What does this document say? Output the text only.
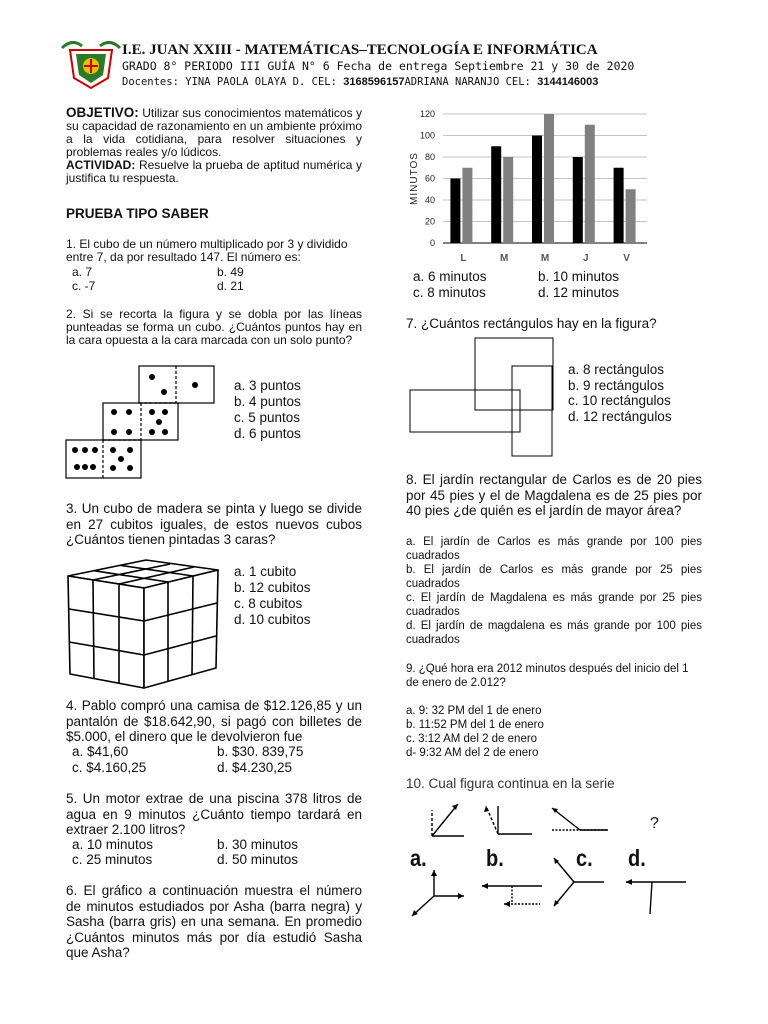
I.E. JUAN XXIII - MATEMÁTICAS–TECNOLOGÍA E INFORMÁTICA
GRADO 8° PERIODO III GUÍA N° 6 Fecha de entrega Septiembre 21 y 30 de 2020
Docentes: YINA PAOLA OLAYA D. CEL: 3168596157ADRIANA NARANJO CEL: 3144146003
OBJETIVO: Utilizar sus conocimientos matemáticos y su capacidad de razonamiento en un ambiente próximo a la vida cotidiana, para resolver situaciones y problemas reales y/o lúdicos.
ACTIVIDAD: Resuelve la prueba de aptitud numérica y justifica tu respuesta.
PRUEBA TIPO SABER
1. El cubo de un número multiplicado por 3 y dividido entre 7, da por resultado 147. El número es:
a. 7	b. 49
c. -7	d. 21
2. Si se recorta la figura y se dobla por las líneas punteadas se forma un cubo. ¿Cuántos puntos hay en la cara opuesta a la cara marcada con un solo punto?
a. 3 puntos
b. 4 puntos
c. 5 puntos
d. 6 puntos
3. Un cubo de madera se pinta y luego se divide en 27 cubitos iguales, de estos nuevos cubos ¿Cuántos tienen pintadas 3 caras?
a. 1 cubito
b. 12 cubitos
c. 8 cubitos
d. 10 cubitos
4. Pablo compró una camisa de $12.126,85 y un pantalón de $18.642,90, si pagó con billetes de $5.000, el dinero que le devolvieron fue
a. $41,60	b. $30. 839,75
c. $4.160,25	d. $4.230,25
5. Un motor extrae de una piscina 378 litros de agua en 9 minutos ¿Cuánto tiempo tardará en extraer 2.100 litros?
a. 10 minutos	b. 30 minutos
c. 25 minutos	d. 50 minutos
6. El gráfico a continuación muestra el número de minutos estudiados por Asha (barra negra) y Sasha (barra gris) en una semana. En promedio ¿Cuántos minutos más por día estudió Sasha que Asha?
0
20
40
60
80
100
120
MINUTOS
L	M	M	J	V
a. 6 minutos	b. 10 minutos
c. 8 minutos	d. 12 minutos
7. ¿Cuántos rectángulos hay en la figura?
a. 8 rectángulos
b. 9 rectángulos
c. 10 rectángulos
d. 12 rectángulos
8. El jardín rectangular de Carlos es de 20 pies por 45 pies y el de Magdalena es de 25 pies por 40 pies ¿de quién es el jardín de mayor área?
a. El jardín de Carlos es más grande por 100 pies cuadrados
b. El jardín de Carlos es más grande por 25 pies cuadrados
c. El jardín de Magdalena es más grande por 25 pies cuadrados
d. El jardín de magdalena es más grande por 100 pies cuadrados
9. ¿Qué hora era 2012 minutos después del inicio del 1 de enero de 2.012?
a. 9: 32 PM del 1 de enero
b. 11:52 PM del 1 de enero
c. 3:12 AM del 2 de enero
d- 9:32 AM del 2 de enero
10. Cual figura continua en la serie
?
a.	b.	c. d.
